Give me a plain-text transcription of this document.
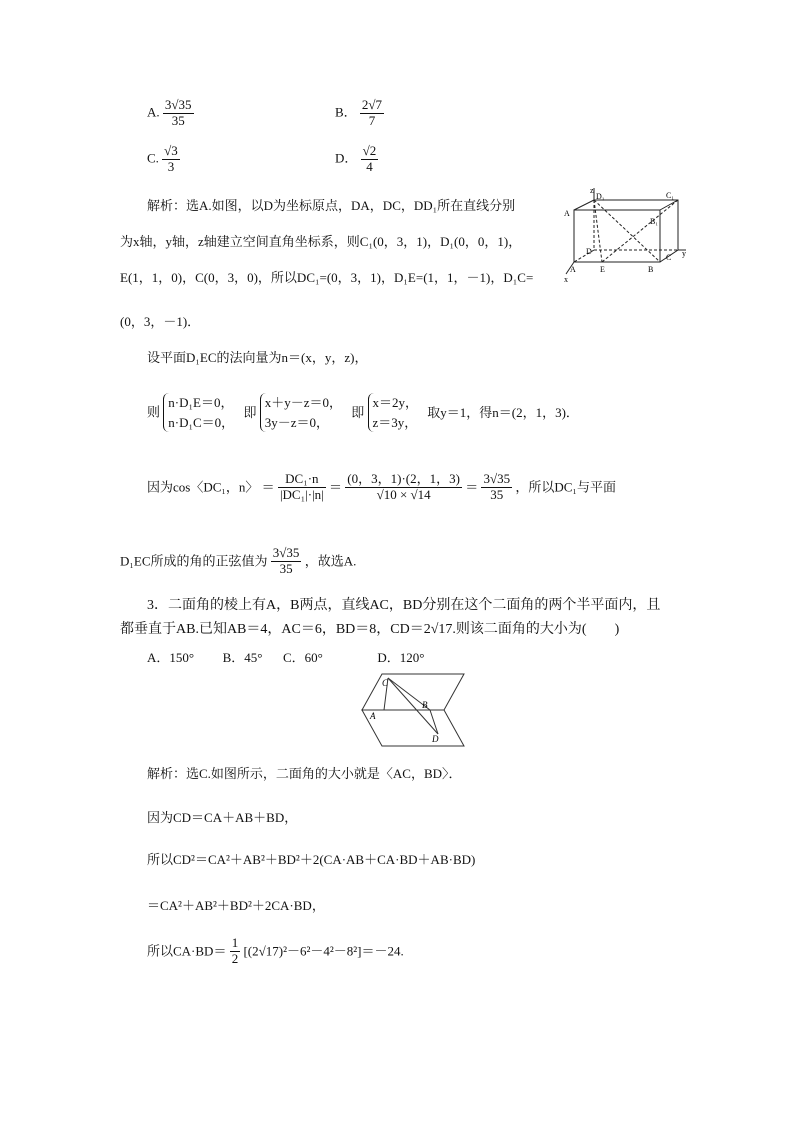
A. $\frac{3√35}{35}$	B． $\frac{2√7}{7}$
C. $\frac{√3}{3}$	D． $\frac{√2}{4}$
解析：选A.如图，以D为坐标原点，DA，DC，DD₁所在直线分别
为x轴，y轴，z轴建立空间直角坐标系，则C₁(0，3，1)，D₁(0，0，1)，
E(1，1，0)，C(0，3，0)，所以DC₁=(0，3，1)，D₁E=(1，1，－1)，D₁C=
(0，3，－1)．
设平面D₁EC的法向量为n＝(x，y，z)，
z
D₁	C₁
A
B₁
D
C
A	E	B
x
y
则
n·D₁E＝0，
n·D₁C＝0，
即
x＋y－z＝0，
3y－z＝0，
即
x＝2y，
z＝3y，
取y＝1，得n＝(2，1，3)．
因为cos〈DC₁，n〉 ＝ $\frac{\text{DC₁·n}}{\text{|DC₁|·|n|}} = \frac{(0,3,1)\cdot(2,1,3)}{√10 \times √14} = \frac{3√35}{35}$ ，所以DC₁与平面
D₁EC所成的角的正弦值为 $\frac{3√35}{35}$ ，故选A.
3．二面角的棱上有A，B两点，直线AC，BD分别在这个二面角的两个半平面内，且
都垂直于AB.已知AB＝4，AC＝6，BD＝8，CD＝2√17.则该二面角的大小为(　　)
A．150° B．45° C．60°	D．120°
C
A
B
D
解析：选C.如图所示，二面角的大小就是〈AC，BD〉．
因为CD＝CA＋AB＋BD，
所以CD²＝CA²＋AB²＋BD²＋2(CA·AB＋CA·BD＋AB·BD)
＝CA²＋AB²＋BD²＋2CA·BD，
所以$CA\cdot BD= \frac{1}{2} [(2√17)^2-6^2-4^2-8^2]=-24$.
